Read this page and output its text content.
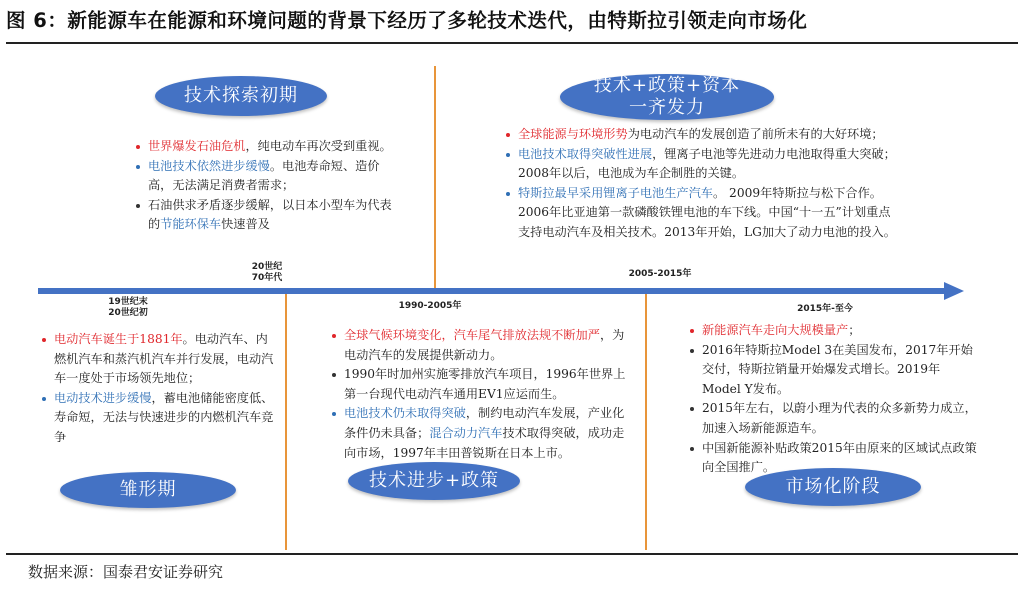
图 6：新能源车在能源和环境问题的背景下经历了多轮技术迭代，由特斯拉引领走向市场化
19世纪末
20世纪初
20世纪
70年代
1990-2005年
2005-2015年
2015年-至今
技术探索初期	技术+政策+资本
一齐发力
雏形期	技术进步+政策	市场化阶段
世界爆发石油危机，纯电动车再次受到重视。
电池技术依然进步缓慢。电池寿命短、造价高，无法满足消费者需求；
石油供求矛盾逐步缓解，以日本小型车为代表的节能环保车快速普及
全球能源与环境形势为电动汽车的发展创造了前所未有的大好环境；
电池技术取得突破性进展，锂离子电池等先进动力电池取得重大突破；2008年以后，电池成为车企制胜的关键。
特斯拉最早采用锂离子电池生产汽车。 2009年特斯拉与松下合作。2006年比亚迪第一款磷酸铁锂电池的车下线。中国“十一五”计划重点支持电动汽车及相关技术。2013年开始，LG加大了动力电池的投入。
电动汽车诞生于1881年。电动汽车、内燃机汽车和蒸汽机汽车并行发展，电动汽车一度处于市场领先地位；
电动技术进步缓慢，蓄电池储能密度低、寿命短，无法与快速进步的内燃机汽车竞争
全球气候环境变化，汽车尾气排放法规不断加严，为电动汽车的发展提供新动力。
1990年时加州实施零排放汽车项目，1996年世界上第一台现代电动汽车通用EV1应运而生。
电池技术仍未取得突破，制约电动汽车发展，产业化条件仍未具备；混合动力汽车技术取得突破，成功走向市场，1997年丰田普锐斯在日本上市。
新能源汽车走向大规模量产；
2016年特斯拉Model 3在美国发布，2017年开始交付，特斯拉销量开始爆发式增长。2019年Model Y发布。
2015年左右，以蔚小理为代表的众多新势力成立，加速入场新能源造车。
中国新能源补贴政策2015年由原来的区域试点政策向全国推广。
数据来源：国泰君安证券研究
